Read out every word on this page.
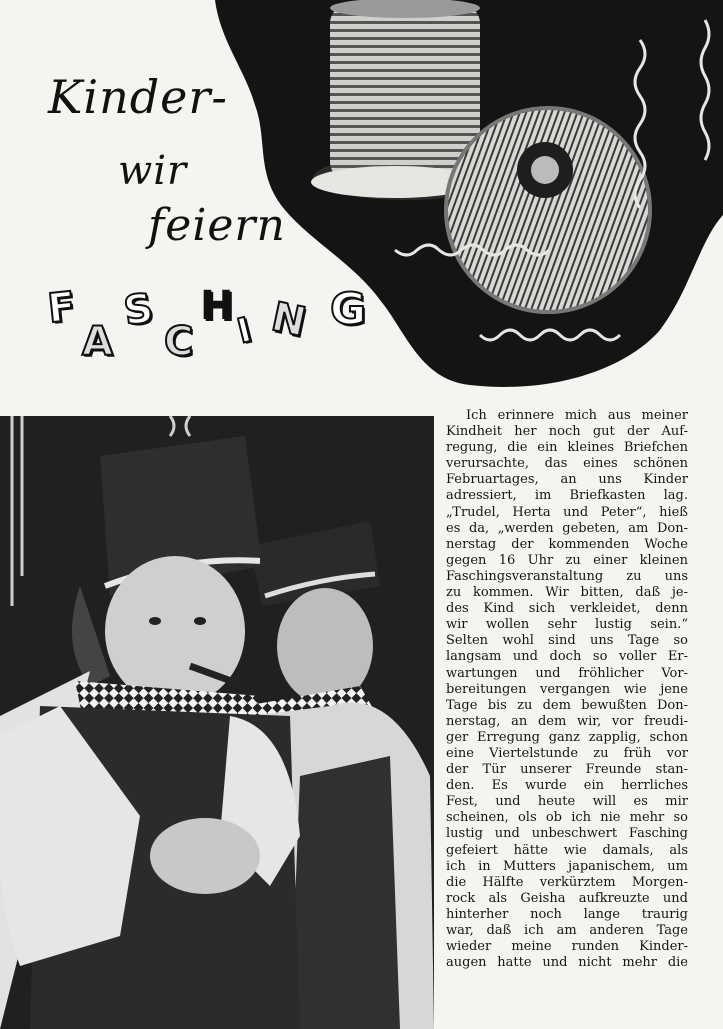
Kinder-
wir
feiern
F
A
S
C
H
I N G
Ich erinnere mich aus meiner
Kindheit her noch gut der Auf-
regung, die ein kleines Briefchen
verursachte, das eines schönen
Februartages, an uns Kinder
adressiert, im Briefkasten lag.
„Trudel, Herta und Peter“, hieß
es da, „werden gebeten, am Don-
nerstag der kommenden Woche
gegen 16 Uhr zu einer kleinen
Faschingsveranstaltung zu uns
zu kommen. Wir bitten, daß je-
des Kind sich verkleidet, denn
wir wollen sehr lustig sein.“
Selten wohl sind uns Tage so
langsam und doch so voller Er-
wartungen und fröhlicher Vor-
bereitungen vergangen wie jene
Tage bis zu dem bewußten Don-
nerstag, an dem wir, vor freudi-
ger Erregung ganz zapplig, schon
eine Viertelstunde zu früh vor
der Tür unserer Freunde stan-
den. Es wurde ein herrliches
Fest, und heute will es mir
scheinen, ols ob ich nie mehr so
lustig und unbeschwert Fasching
gefeiert hätte wie damals, als
ich in Mutters japanischem, um
die Hälfte verkürztem Morgen-
rock als Geisha aufkreuzte und
hinterher noch lange traurig
war, daß ich am anderen Tage
wieder meine runden Kinder-
augen hatte und nicht mehr die
